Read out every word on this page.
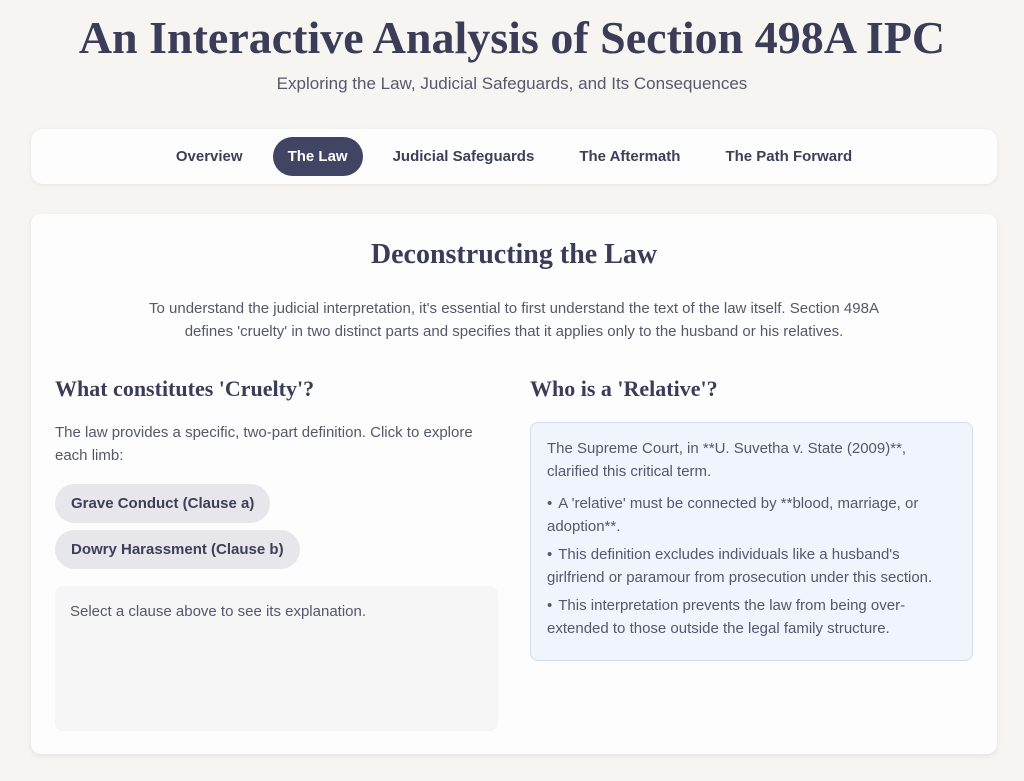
An Interactive Analysis of Section 498A IPC
Exploring the Law, Judicial Safeguards, and Its Consequences
Overview	The Law	Judicial Safeguards	The Aftermath	The Path Forward
Deconstructing the Law

To understand the judicial interpretation, it's essential to first understand the text of the law itself. Section 498A defines 'cruelty' in two distinct parts and specifies that it applies only to the husband or his relatives.

What constitutes 'Cruelty'?

The law provides a specific, two-part definition. Click to explore each limb:

Grave Conduct (Clause a)
Dowry Harassment (Clause b)
Select a clause above to see its explanation.
Who is a 'Relative'?

The Supreme Court, in **U. Suvetha v. State (2009)**, clarified this critical term.

• A 'relative' must be connected by **blood, marriage, or adoption**.
• This definition excludes individuals like a husband's girlfriend or paramour from prosecution under this section.
• This interpretation prevents the law from being over-extended to those outside the legal family structure.
